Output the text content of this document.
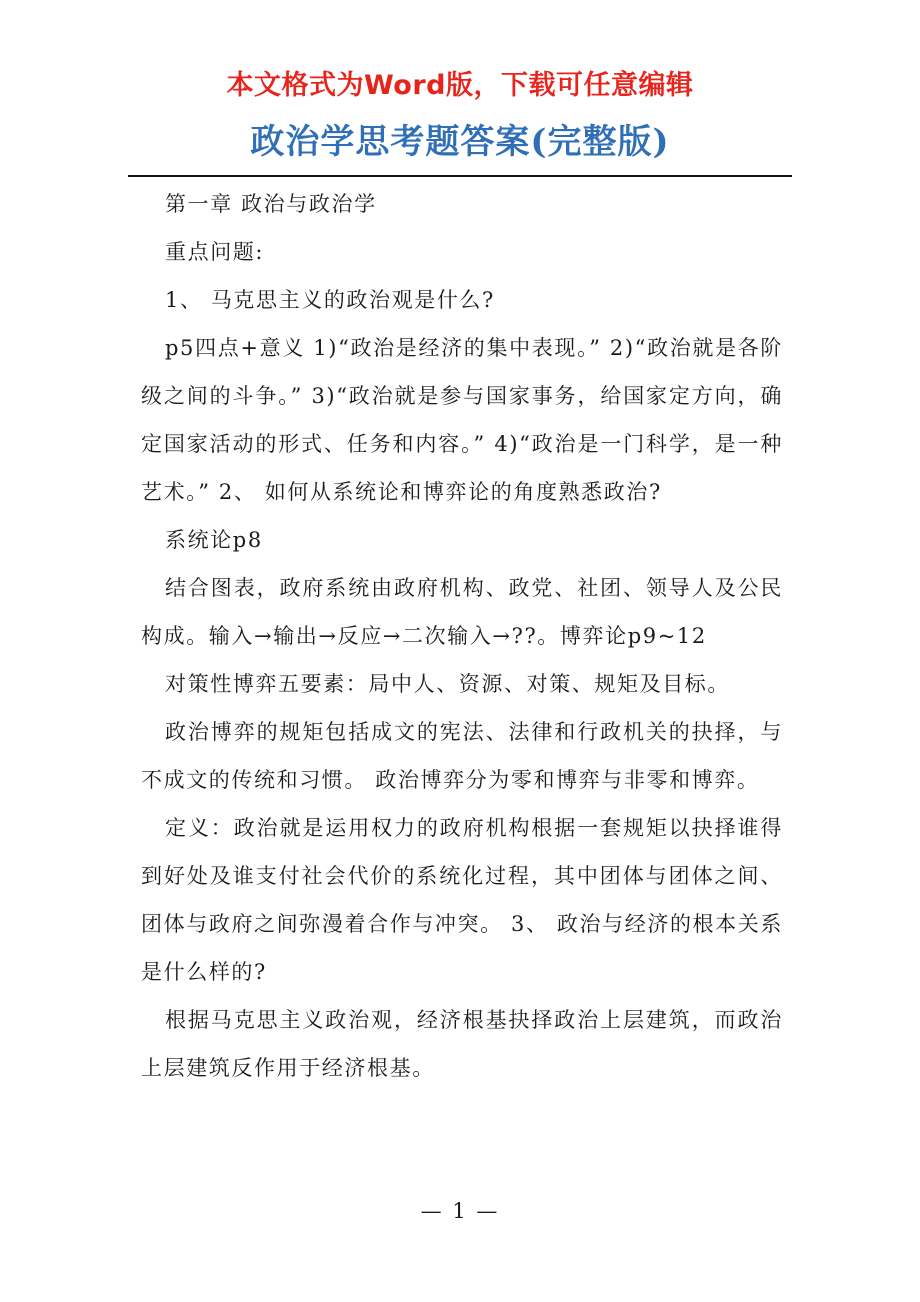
本文格式为Word版，下载可任意编辑
政治学思考题答案(完整版)

第一章 政治与政治学

重点问题:

1、 马克思主义的政治观是什么?

p5四点+意义 1)“政治是经济的集中表现。” 2)“政治就是各阶级之间的斗争。” 3)“政治就是参与国家事务，给国家定方向，确定国家活动的形式、任务和内容。” 4)“政治是一门科学，是一种艺术。” 2、 如何从系统论和博弈论的角度熟悉政治?

系统论p8

结合图表，政府系统由政府机构、政党、社团、领导人及公民构成。输入→输出→反应→二次输入→??。博弈论p9~12

对策性博弈五要素：局中人、资源、对策、规矩及目标。

政治博弈的规矩包括成文的宪法、法律和行政机关的抉择，与不成文的传统和习惯。 政治博弈分为零和博弈与非零和博弈。

定义：政治就是运用权力的政府机构根据一套规矩以抉择谁得到好处及谁支付社会代价的系统化过程，其中团体与团体之间、团体与政府之间弥漫着合作与冲突。 3、 政治与经济的根本关系是什么样的?

根据马克思主义政治观，经济根基抉择政治上层建筑，而政治上层建筑反作用于经济根基。

— 1 —
